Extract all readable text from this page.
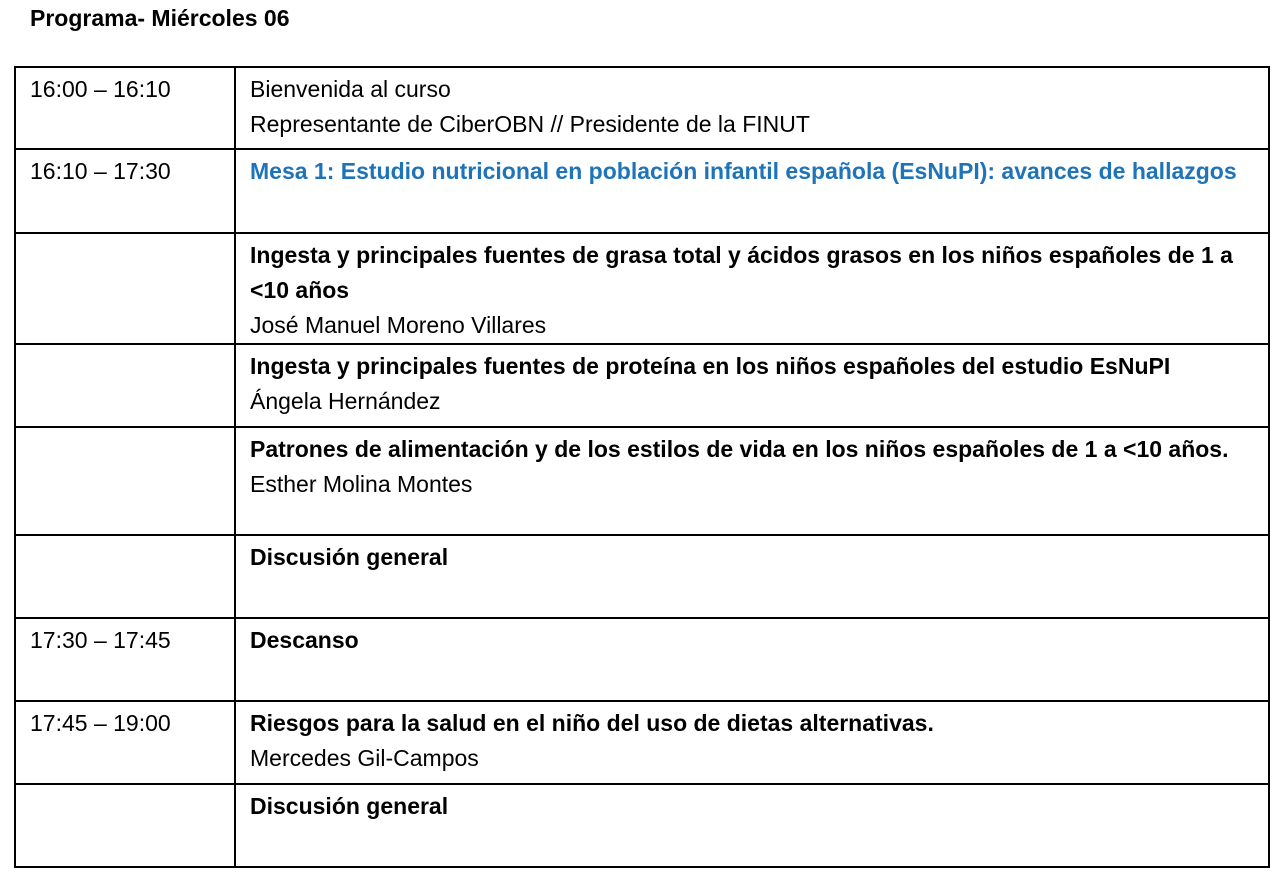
Programa- Miércoles 06
16:00 – 16:10	Bienvenida al curso
Representante de CiberOBN // Presidente de la FINUT

16:10 – 17:30	Mesa 1: Estudio nutricional en población infantil española (EsNuPI): avances de hallazgos

	Ingesta y principales fuentes de grasa total y ácidos grasos en los niños españoles de 1 a <10 años
José Manuel Moreno Villares

	Ingesta y principales fuentes de proteína en los niños españoles del estudio EsNuPI
Ángela Hernández

	Patrones de alimentación y de los estilos de vida en los niños españoles de 1 a <10 años.
Esther Molina Montes

	Discusión general

17:30 – 17:45	Descanso

17:45 – 19:00	Riesgos para la salud en el niño del uso de dietas alternativas.
Mercedes Gil-Campos

	Discusión general
